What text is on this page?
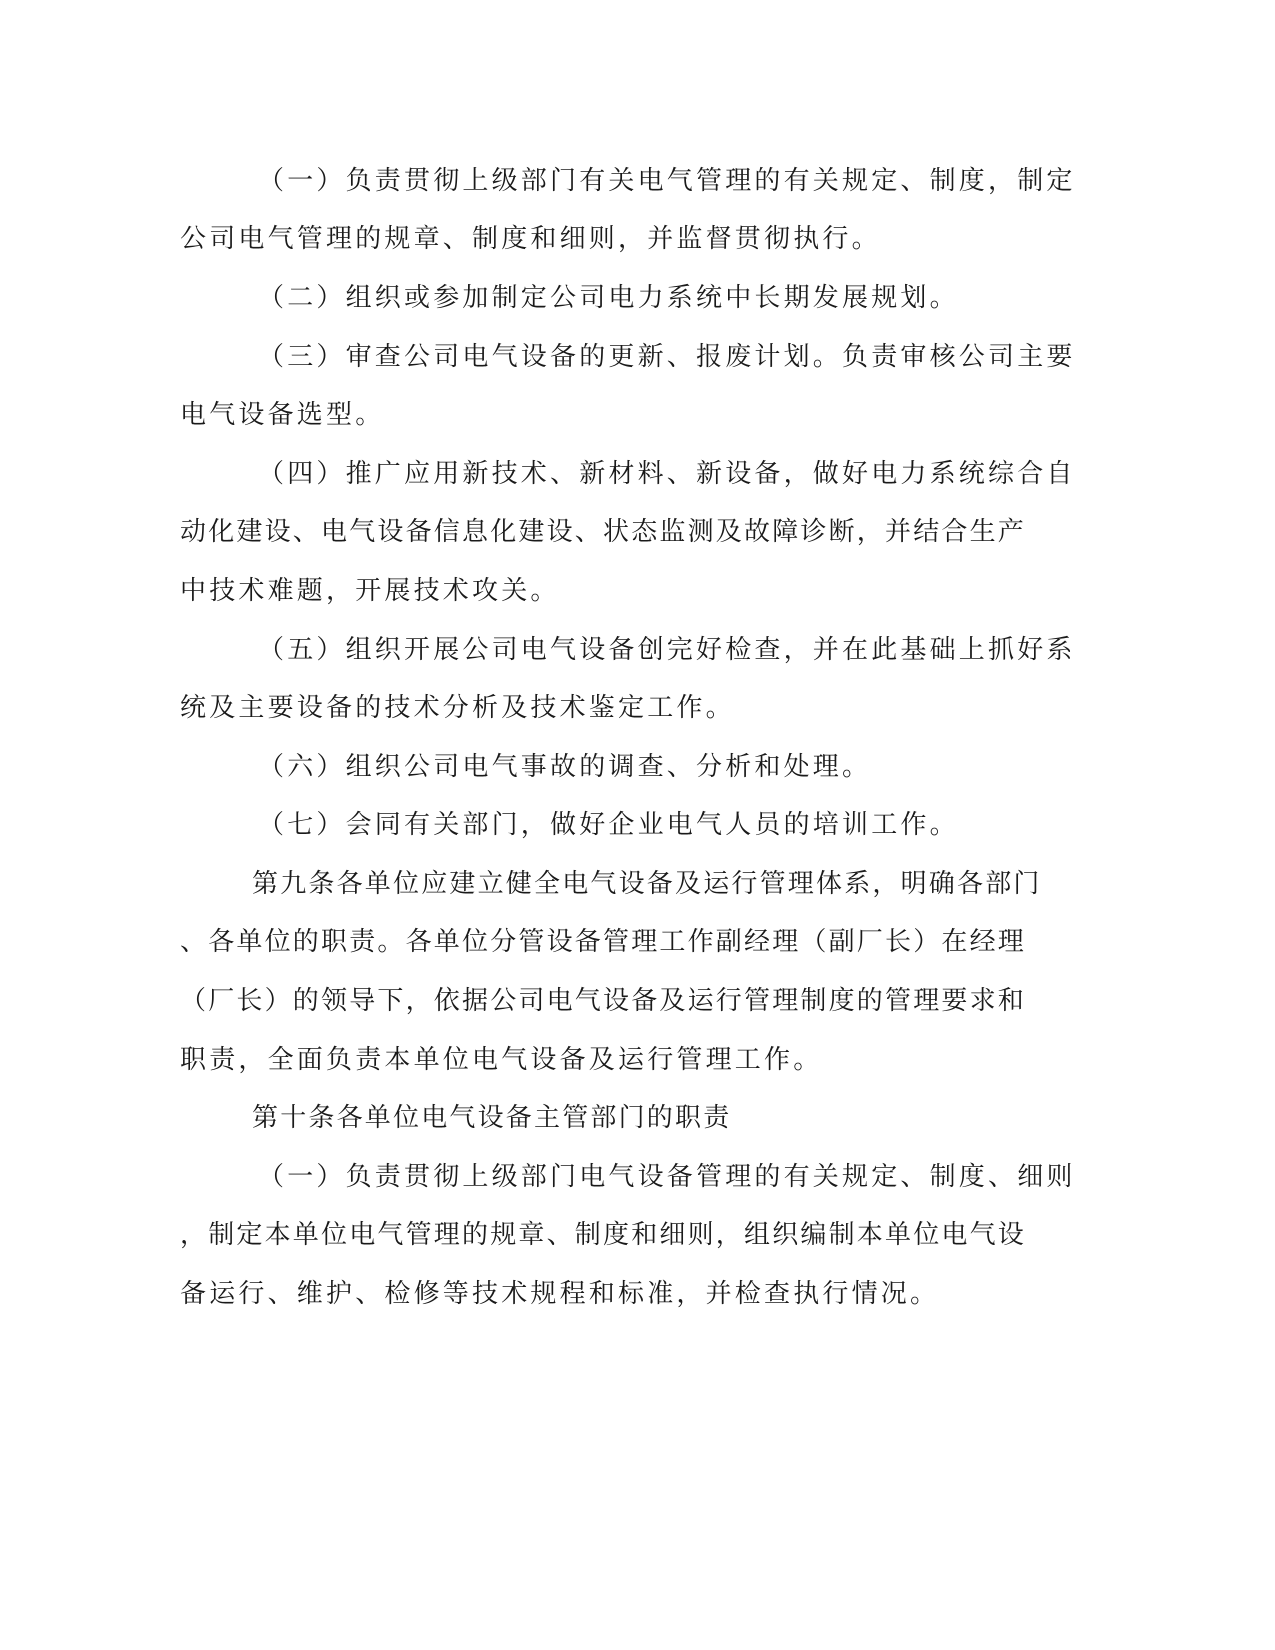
（一）负责贯彻上级部门有关电气管理的有关规定、制度，制定
公司电气管理的规章、制度和细则，并监督贯彻执行。
（二）组织或参加制定公司电力系统中长期发展规划。
（三）审查公司电气设备的更新、报废计划。负责审核公司主要
电气设备选型。
（四）推广应用新技术、新材料、新设备，做好电力系统综合自
动化建设、电气设备信息化建设、状态监测及故障诊断，并结合生产
中技术难题，开展技术攻关。
（五）组织开展公司电气设备创完好检查，并在此基础上抓好系
统及主要设备的技术分析及技术鉴定工作。
（六）组织公司电气事故的调查、分析和处理。
（七）会同有关部门，做好企业电气人员的培训工作。
第九条各单位应建立健全电气设备及运行管理体系，明确各部门
、各单位的职责。各单位分管设备管理工作副经理（副厂长）在经理
（厂长）的领导下，依据公司电气设备及运行管理制度的管理要求和
职责，全面负责本单位电气设备及运行管理工作。
第十条各单位电气设备主管部门的职责
（一）负责贯彻上级部门电气设备管理的有关规定、制度、细则
，制定本单位电气管理的规章、制度和细则，组织编制本单位电气设
备运行、维护、检修等技术规程和标准，并检查执行情况。
